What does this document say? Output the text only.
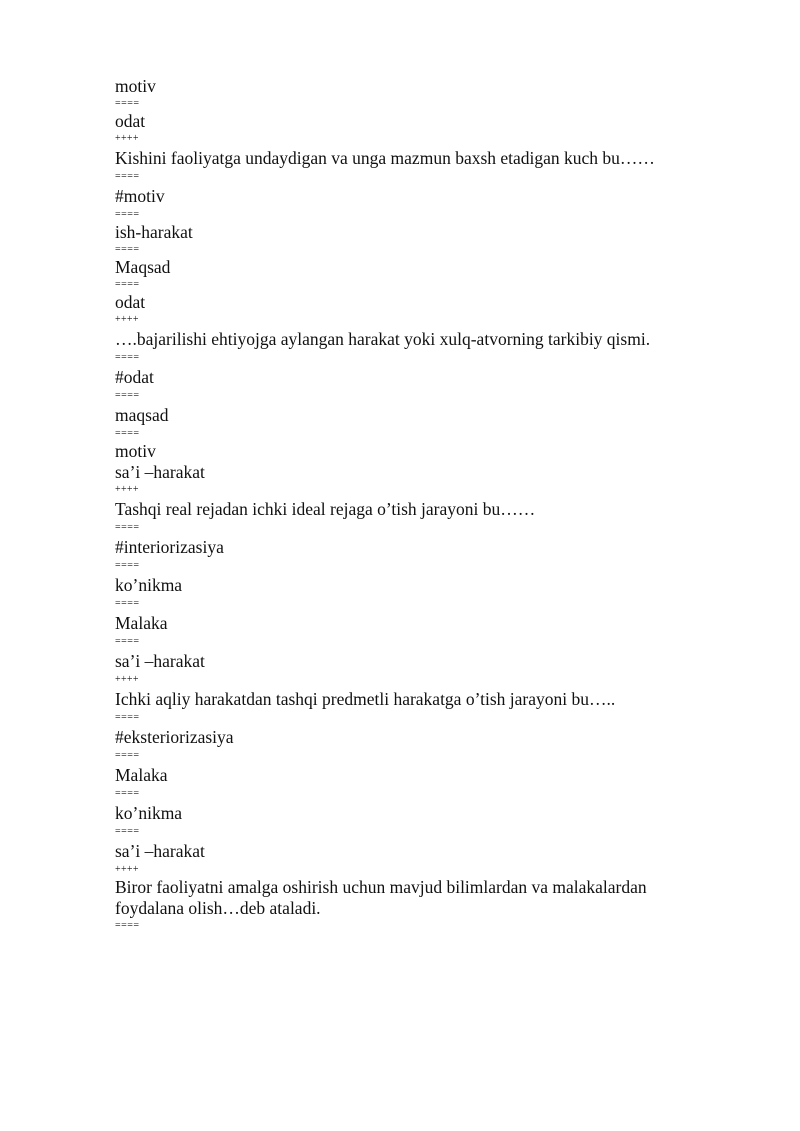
motiv
====
odat
++++
Kishini faoliyatga undaydigan va unga mazmun baxsh etadigan kuch bu……
====
#motiv
====
ish-harakat
====
Maqsad
====
odat
++++
….bajarilishi ehtiyojga aylangan harakat yoki xulq-atvorning tarkibiy qismi.
====
#odat
====
maqsad
====
motiv
sa’i –harakat
++++
Tashqi real rejadan ichki ideal rejaga o’tish jarayoni bu……
====
#interiorizasiya
====
ko’nikma
====
Malaka
====
sa’i –harakat
++++
Ichki aqliy harakatdan tashqi predmetli harakatga o’tish jarayoni bu…..
====
#eksteriorizasiya
====
Malaka
====
ko’nikma
====
sa’i –harakat
++++
Biror faoliyatni amalga oshirish uchun mavjud bilimlardan va malakalardan
foydalana olish…deb ataladi.
====
